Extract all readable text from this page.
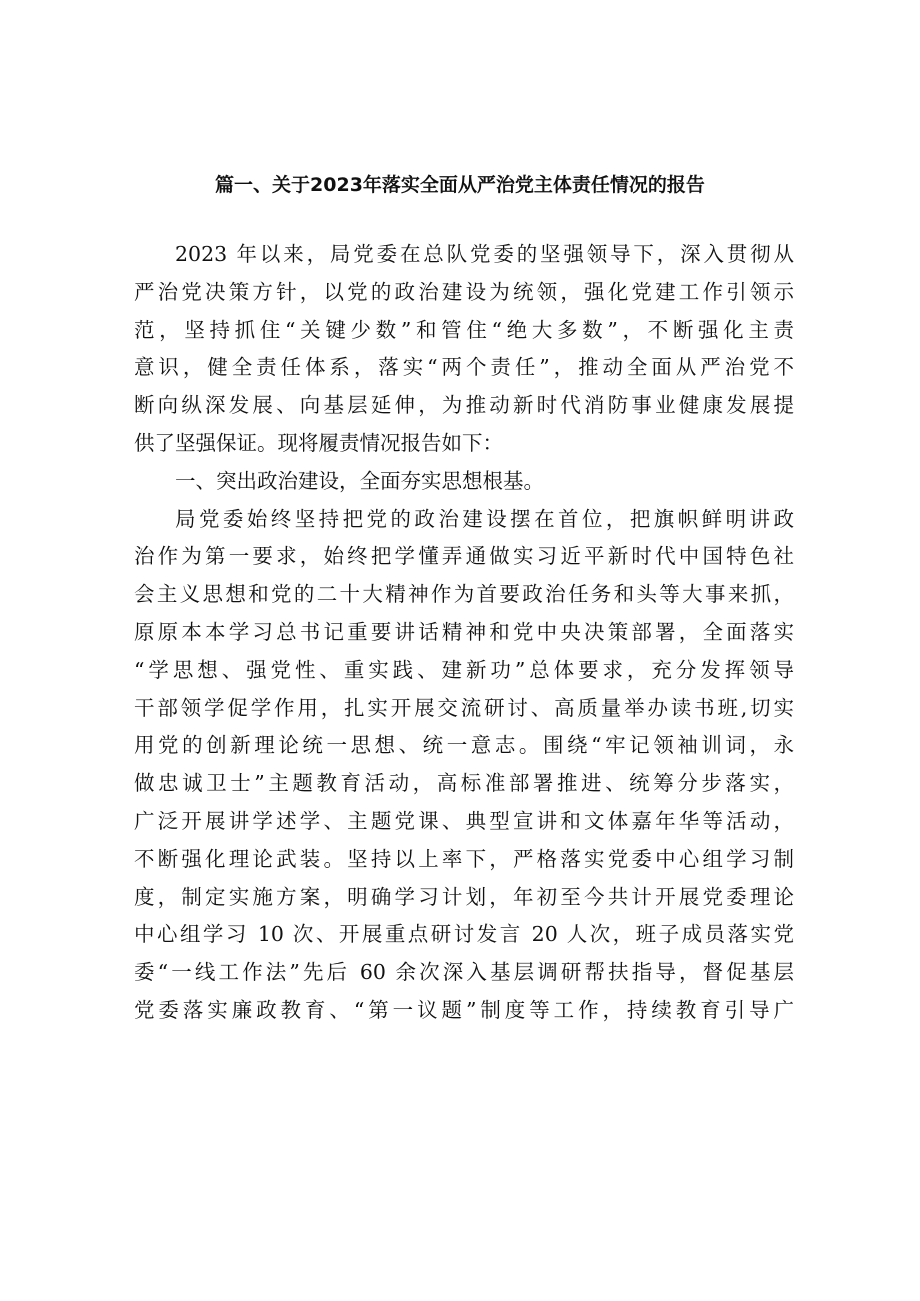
篇一、关于2023年落实全面从严治党主体责任情况的报告
2023 年以来，局党委在总队党委的坚强领导下，深入贯彻从
严治党决策方针，以党的政治建设为统领，强化党建工作引领示
范，坚持抓住“关键少数”和管住“绝大多数”，不断强化主责
意识，健全责任体系，落实“两个责任”，推动全面从严治党不
断向纵深发展、向基层延伸，为推动新时代消防事业健康发展提
供了坚强保证。现将履责情况报告如下：
一、突出政治建设，全面夯实思想根基。
局党委始终坚持把党的政治建设摆在首位，把旗帜鲜明讲政
治作为第一要求，始终把学懂弄通做实习近平新时代中国特色社
会主义思想和党的二十大精神作为首要政治任务和头等大事来抓，
原原本本学习总书记重要讲话精神和党中央决策部署，全面落实
“学思想、强党性、重实践、建新功”总体要求，充分发挥领导
干部领学促学作用，扎实开展交流研讨、高质量举办读书班,切实
用党的创新理论统一思想、统一意志。围绕“牢记领袖训词，永
做忠诚卫士”主题教育活动，高标准部署推进、统筹分步落实，
广泛开展讲学述学、主题党课、典型宣讲和文体嘉年华等活动，
不断强化理论武装。坚持以上率下，严格落实党委中心组学习制
度，制定实施方案，明确学习计划，年初至今共计开展党委理论
中心组学习 10 次、开展重点研讨发言 20 人次，班子成员落实党
委“一线工作法”先后 60 余次深入基层调研帮扶指导，督促基层
党委落实廉政教育、“第一议题”制度等工作，持续教育引导广
